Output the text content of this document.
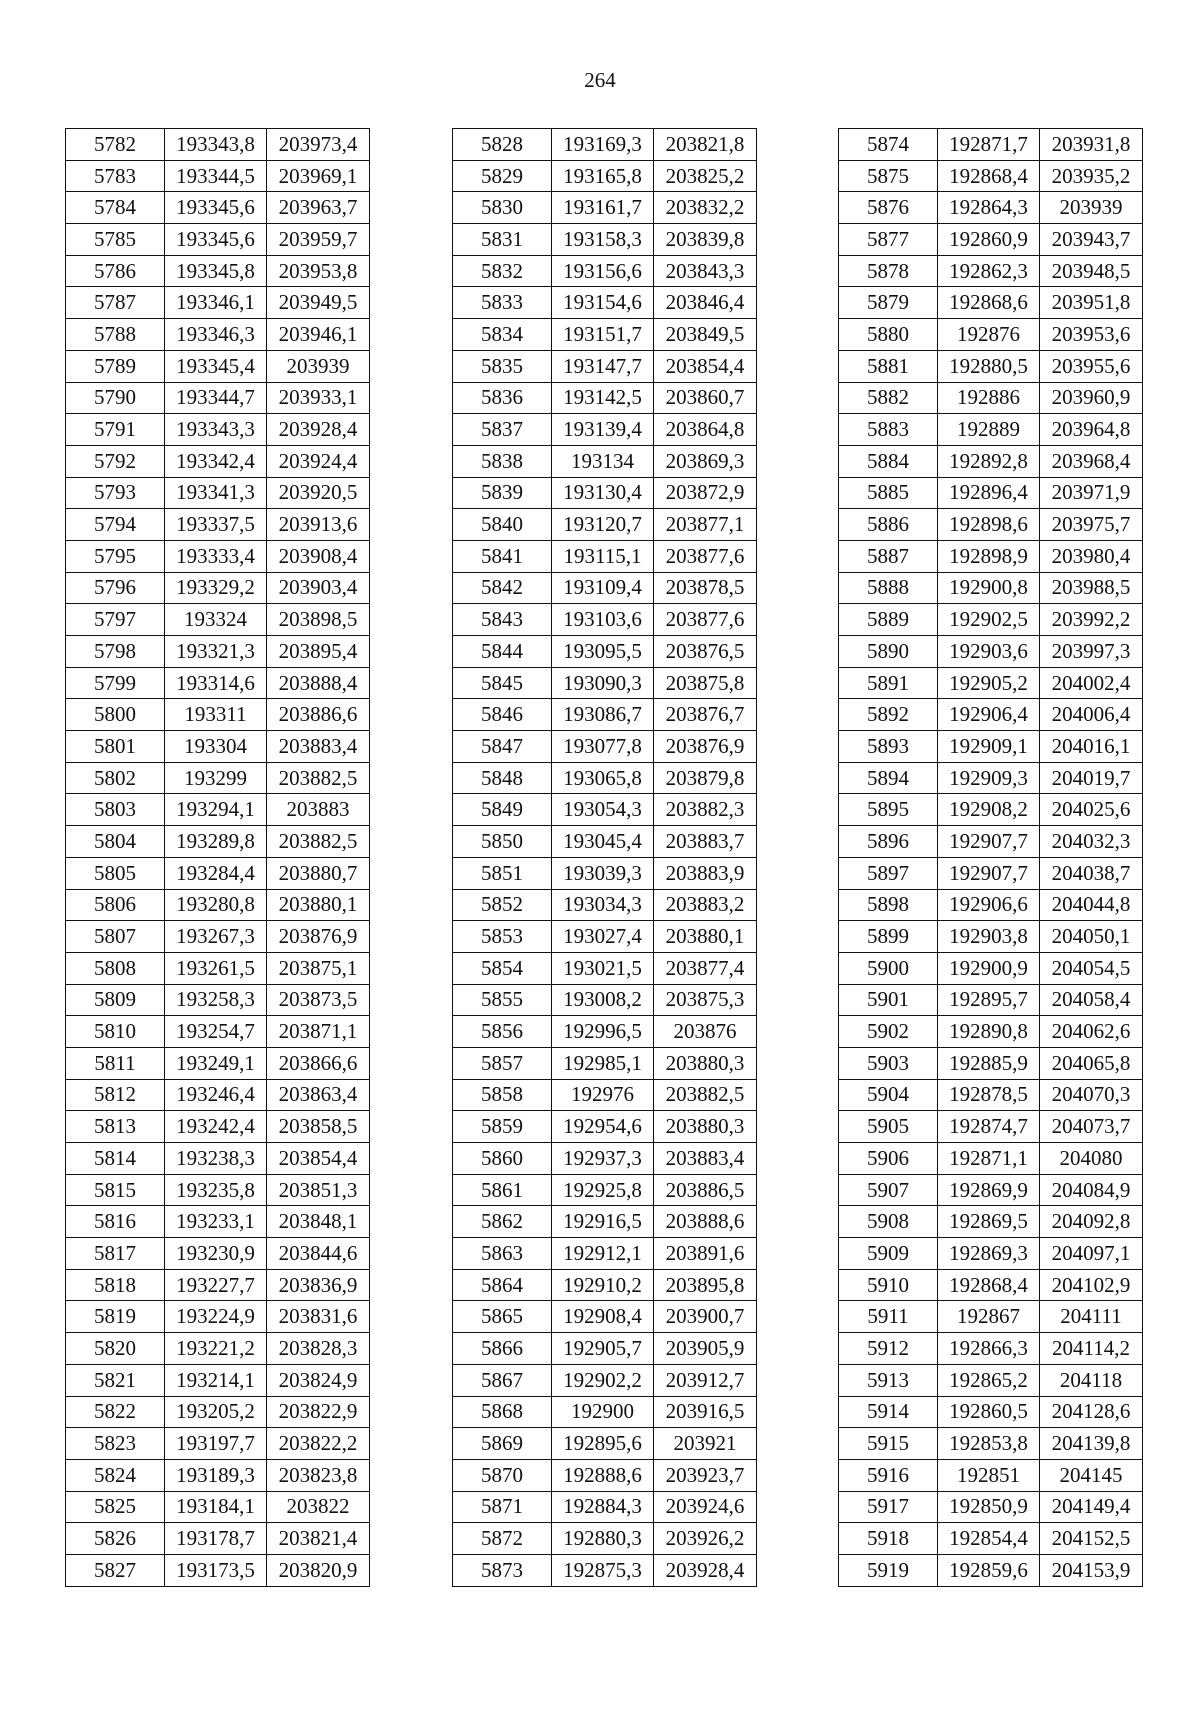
264
5782	193343,8	203973,4
5783	193344,5	203969,1
5784	193345,6	203963,7
5785	193345,6	203959,7
5786	193345,8	203953,8
5787	193346,1	203949,5
5788	193346,3	203946,1
5789	193345,4	203939
5790	193344,7	203933,1
5791	193343,3	203928,4
5792	193342,4	203924,4
5793	193341,3	203920,5
5794	193337,5	203913,6
5795	193333,4	203908,4
5796	193329,2	203903,4
5797	193324	203898,5
5798	193321,3	203895,4
5799	193314,6	203888,4
5800	193311	203886,6
5801	193304	203883,4
5802	193299	203882,5
5803	193294,1	203883
5804	193289,8	203882,5
5805	193284,4	203880,7
5806	193280,8	203880,1
5807	193267,3	203876,9
5808	193261,5	203875,1
5809	193258,3	203873,5
5810	193254,7	203871,1
5811	193249,1	203866,6
5812	193246,4	203863,4
5813	193242,4	203858,5
5814	193238,3	203854,4
5815	193235,8	203851,3
5816	193233,1	203848,1
5817	193230,9	203844,6
5818	193227,7	203836,9
5819	193224,9	203831,6
5820	193221,2	203828,3
5821	193214,1	203824,9
5822	193205,2	203822,9
5823	193197,7	203822,2
5824	193189,3	203823,8
5825	193184,1	203822
5826	193178,7	203821,4
5827	193173,5	203820,9
5828	193169,3	203821,8
5829	193165,8	203825,2
5830	193161,7	203832,2
5831	193158,3	203839,8
5832	193156,6	203843,3
5833	193154,6	203846,4
5834	193151,7	203849,5
5835	193147,7	203854,4
5836	193142,5	203860,7
5837	193139,4	203864,8
5838	193134	203869,3
5839	193130,4	203872,9
5840	193120,7	203877,1
5841	193115,1	203877,6
5842	193109,4	203878,5
5843	193103,6	203877,6
5844	193095,5	203876,5
5845	193090,3	203875,8
5846	193086,7	203876,7
5847	193077,8	203876,9
5848	193065,8	203879,8
5849	193054,3	203882,3
5850	193045,4	203883,7
5851	193039,3	203883,9
5852	193034,3	203883,2
5853	193027,4	203880,1
5854	193021,5	203877,4
5855	193008,2	203875,3
5856	192996,5	203876
5857	192985,1	203880,3
5858	192976	203882,5
5859	192954,6	203880,3
5860	192937,3	203883,4
5861	192925,8	203886,5
5862	192916,5	203888,6
5863	192912,1	203891,6
5864	192910,2	203895,8
5865	192908,4	203900,7
5866	192905,7	203905,9
5867	192902,2	203912,7
5868	192900	203916,5
5869	192895,6	203921
5870	192888,6	203923,7
5871	192884,3	203924,6
5872	192880,3	203926,2
5873	192875,3	203928,4
5874	192871,7	203931,8
5875	192868,4	203935,2
5876	192864,3	203939
5877	192860,9	203943,7
5878	192862,3	203948,5
5879	192868,6	203951,8
5880	192876	203953,6
5881	192880,5	203955,6
5882	192886	203960,9
5883	192889	203964,8
5884	192892,8	203968,4
5885	192896,4	203971,9
5886	192898,6	203975,7
5887	192898,9	203980,4
5888	192900,8	203988,5
5889	192902,5	203992,2
5890	192903,6	203997,3
5891	192905,2	204002,4
5892	192906,4	204006,4
5893	192909,1	204016,1
5894	192909,3	204019,7
5895	192908,2	204025,6
5896	192907,7	204032,3
5897	192907,7	204038,7
5898	192906,6	204044,8
5899	192903,8	204050,1
5900	192900,9	204054,5
5901	192895,7	204058,4
5902	192890,8	204062,6
5903	192885,9	204065,8
5904	192878,5	204070,3
5905	192874,7	204073,7
5906	192871,1	204080
5907	192869,9	204084,9
5908	192869,5	204092,8
5909	192869,3	204097,1
5910	192868,4	204102,9
5911	192867	204111
5912	192866,3	204114,2
5913	192865,2	204118
5914	192860,5	204128,6
5915	192853,8	204139,8
5916	192851	204145
5917	192850,9	204149,4
5918	192854,4	204152,5
5919	192859,6	204153,9
